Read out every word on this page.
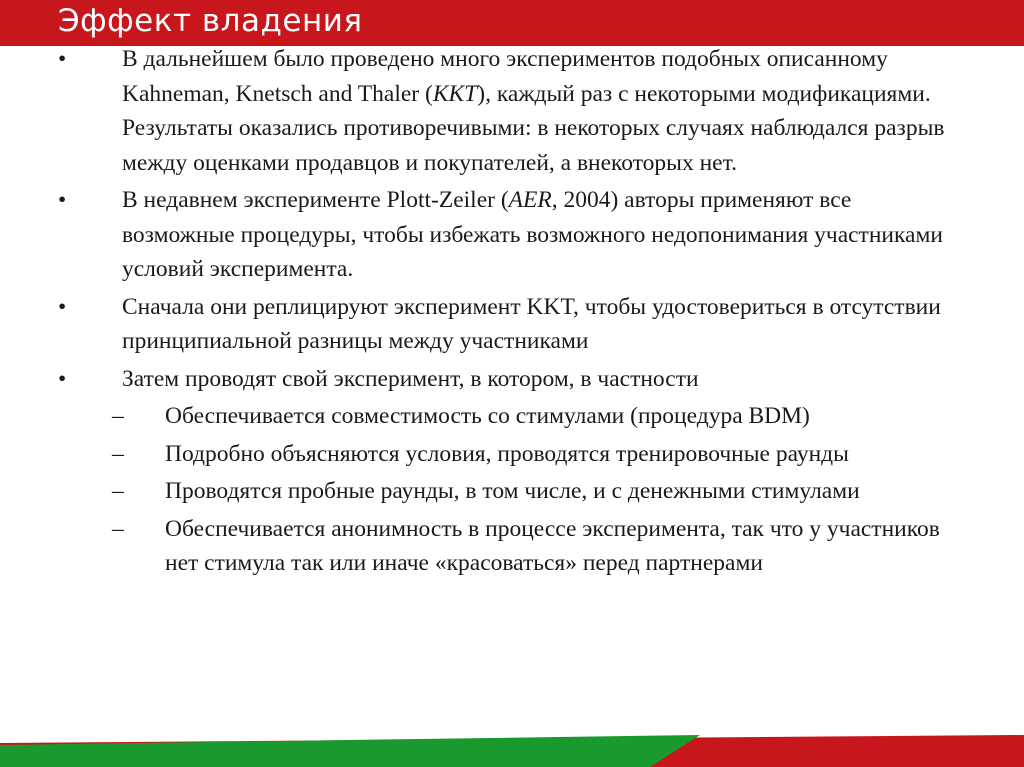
Эффект владения
• В дальнейшем было проведено много экспериментов подобных описанному Kahneman, Knetsch and Thaler (KKT), каждый раз с некоторыми модификациями. Результаты оказались противоречивыми: в некоторых случаях наблюдался разрыв между оценками продавцов и покупателей, а внекоторых нет.
• В недавнем эксперименте Plott-Zeiler (AER, 2004) авторы применяют все возможные процедуры, чтобы избежать возможного недопонимания участниками условий эксперимента.
• Сначала они реплицируют эксперимент KKT, чтобы удостовериться в отсутствии принципиальной разницы между участниками
• Затем проводят свой эксперимент, в котором, в частности
– Обеспечивается совместимость со стимулами (процедура BDM)
– Подробно объясняются условия, проводятся тренировочные раунды
– Проводятся пробные раунды, в том числе, и с денежными стимулами
– Обеспечивается анонимность в процессе эксперимента, так что у участников нет стимула так или иначе «красоваться» перед партнерами
